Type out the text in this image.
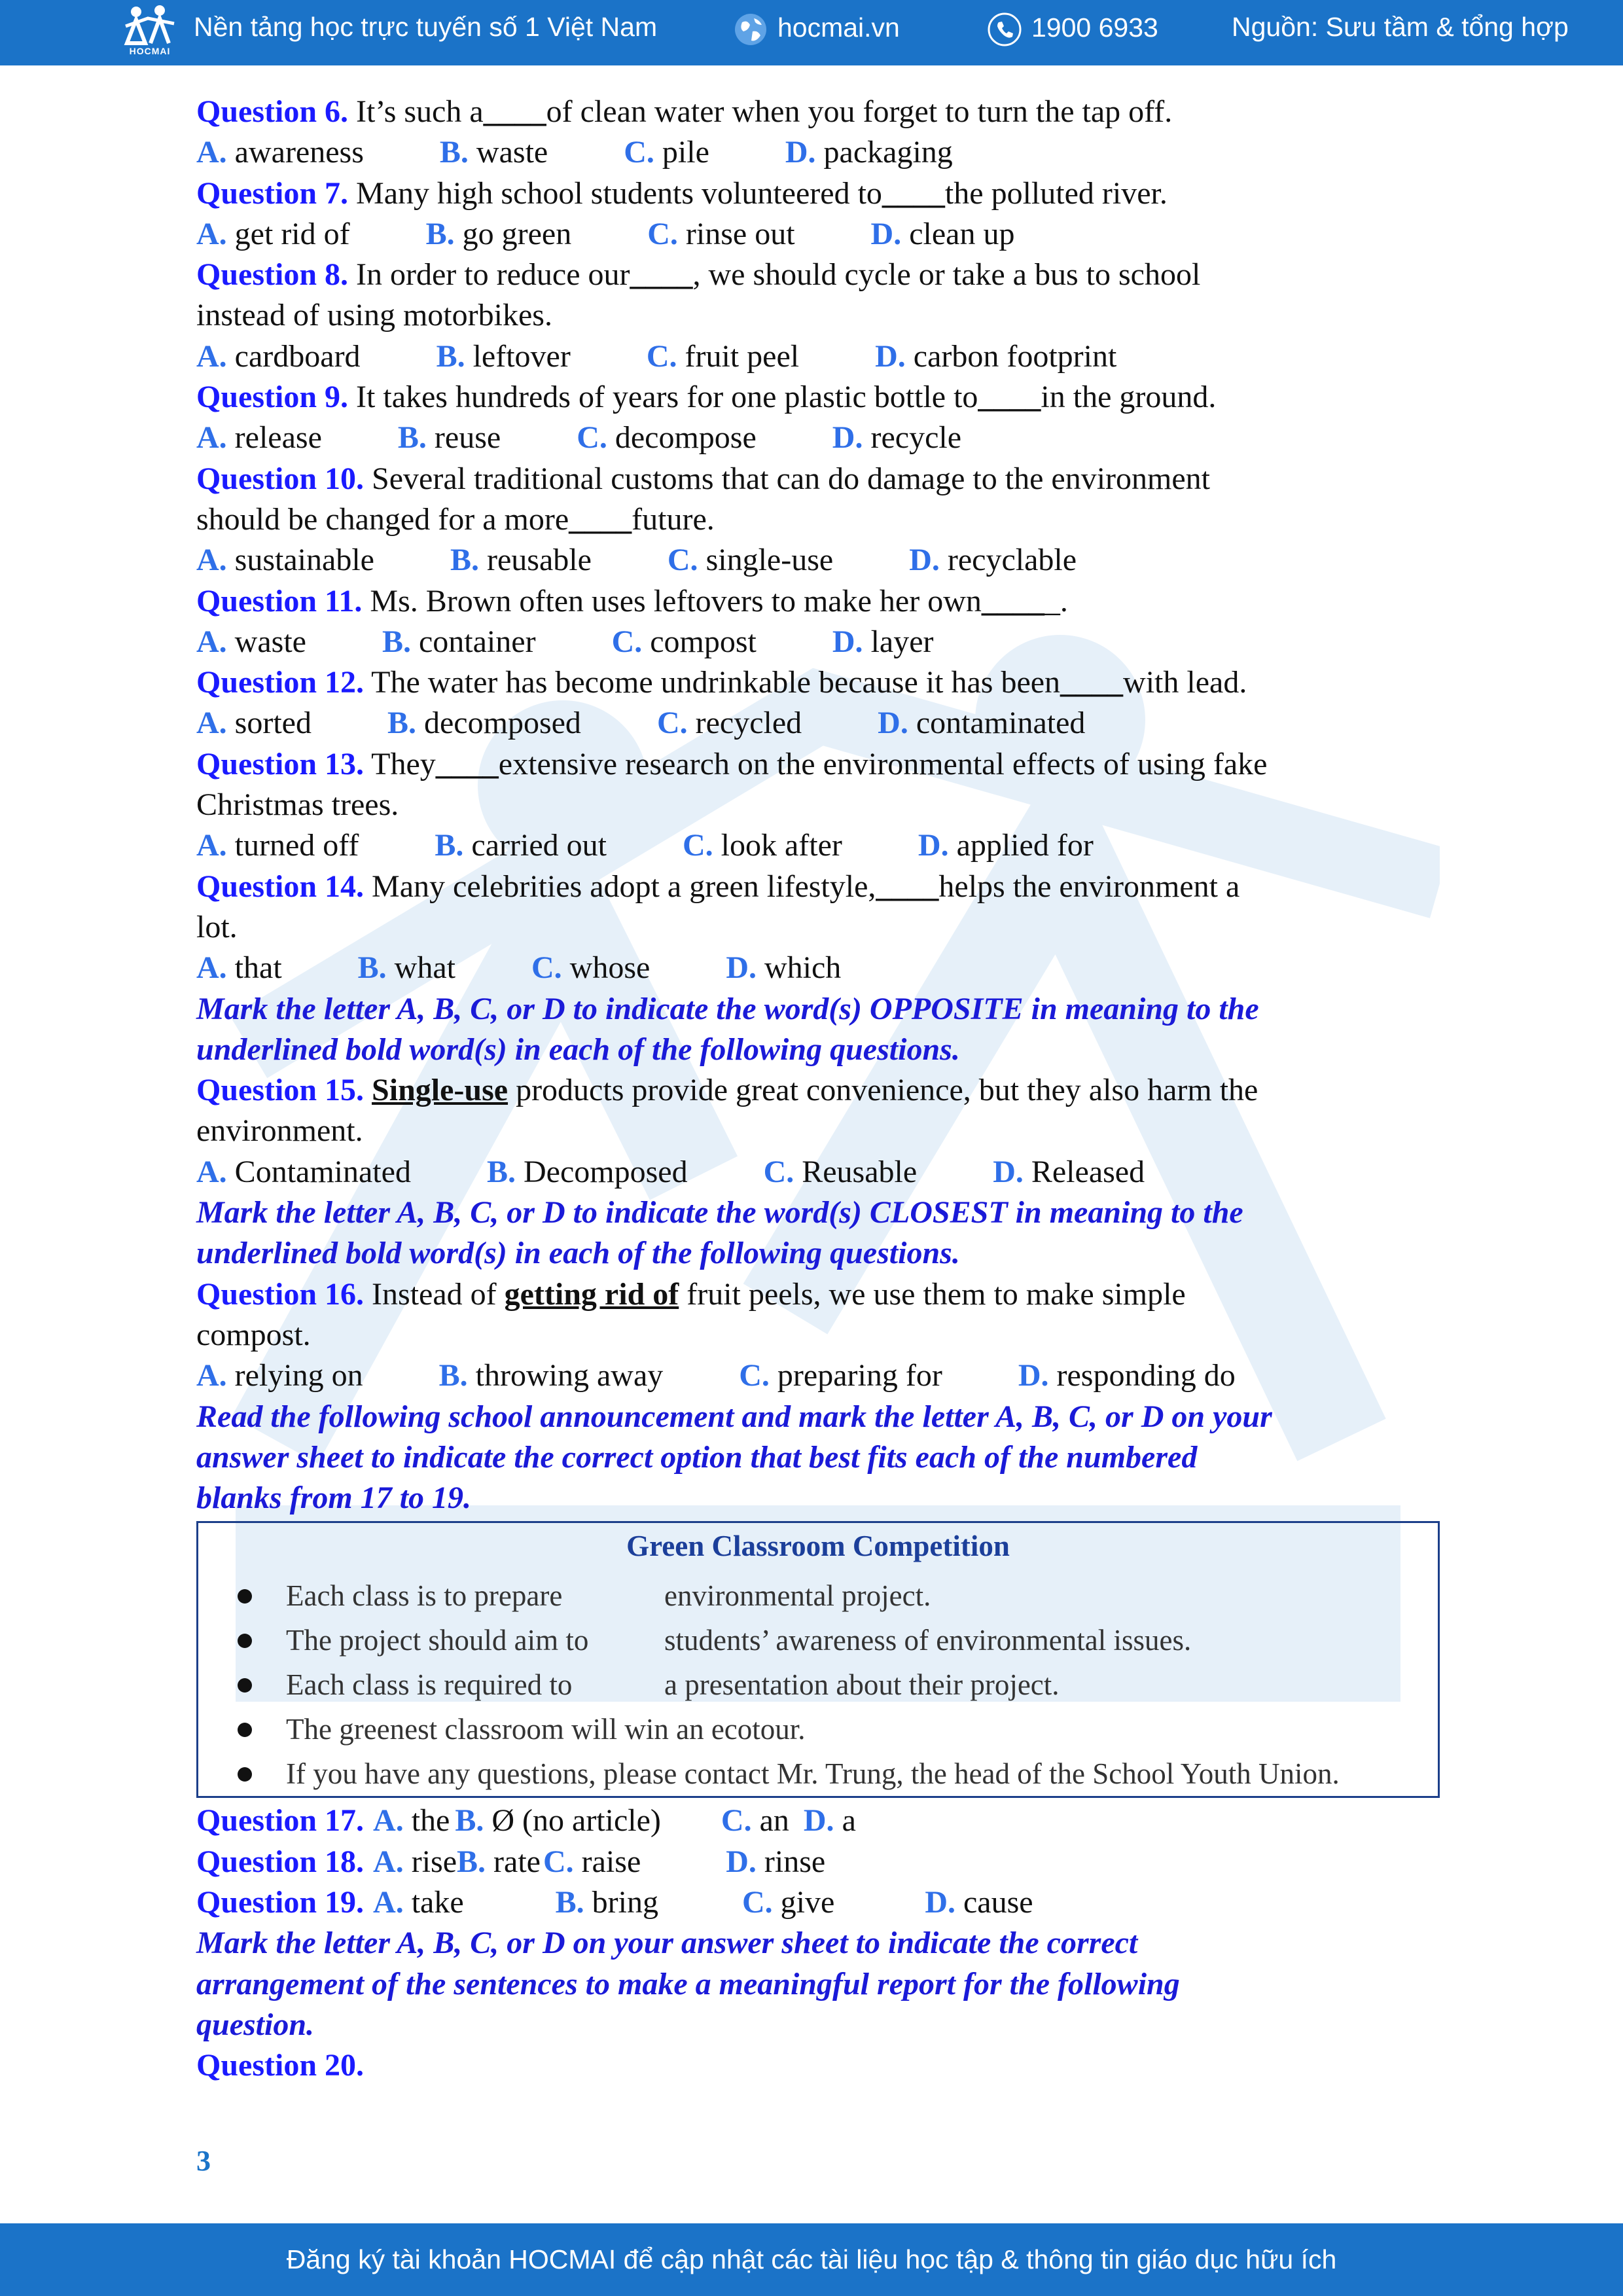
HOCMAI
Nền tảng học trực tuyến số 1 Việt Nam	hocmai.vn	1900 6933	Nguồn: Sưu tầm & tổng hợp
Question 6. It’s such a____of clean water when you forget to turn the tap off.
A. awareness B. waste C. pile D. packaging
Question 7. Many high school students volunteered to____the polluted river.
A. get rid of B. go green C. rinse out D. clean up
Question 8. In order to reduce our____, we should cycle or take a bus to school
instead of using motorbikes.
A. cardboard B. leftover C. fruit peel D. carbon footprint
Question 9. It takes hundreds of years for one plastic bottle to____in the ground.
A. release B. reuse C. decompose D. recycle
Question 10. Several traditional customs that can do damage to the environment
should be changed for a more____future.
A. sustainable B. reusable C. single-use D. recyclable
Question 11. Ms. Brown often uses leftovers to make her own_____.
A. waste B. container C. compost D. layer
Question 12. The water has become undrinkable because it has been____with lead.
A. sorted B. decomposed C. recycled D. contaminated
Question 13. They____extensive research on the environmental effects of using fake
Christmas trees.
A. turned off B. carried out C. look after D. applied for
Question 14. Many celebrities adopt a green lifestyle,____helps the environment a
lot.
A. that B. what C. whose D. which
Mark the letter A, B, C, or D to indicate the word(s) OPPOSITE in meaning to the
underlined bold word(s) in each of the following questions.
Question 15. Single-use products provide great convenience, but they also harm the
environment.
A. Contaminated B. Decomposed C. Reusable D. Released
Mark the letter A, B, C, or D to indicate the word(s) CLOSEST in meaning to the
underlined bold word(s) in each of the following questions.
Question 16. Instead of getting rid of fruit peels, we use them to make simple
compost.
A. relying on B. throwing away C. preparing for D. responding do
Read the following school announcement and mark the letter A, B, C, or D on your
answer sheet to indicate the correct option that best fits each of the numbered
blanks from 17 to 19.
Green Classroom Competition
Each class is to prepare	environmental project.
The project should aim to	students’ awareness of environmental issues.
Each class is required to	a presentation about their project.
The greenest classroom will win an ecotour.
If you have any questions, please contact Mr. Trung, the head of the School Youth Union.
Question 17. A. the B. Ø (no article) C. an D. a
Question 18. A. riseB. rateC. raise	D. rinse
Question 19. A. take	B. bring	C. give	D. cause
Mark the letter A, B, C, or D on your answer sheet to indicate the correct
arrangement of the sentences to make a meaningful report for the following
question.
Question 20.
3
Đăng ký tài khoản HOCMAI để cập nhật các tài liệu học tập & thông tin giáo dục hữu ích
